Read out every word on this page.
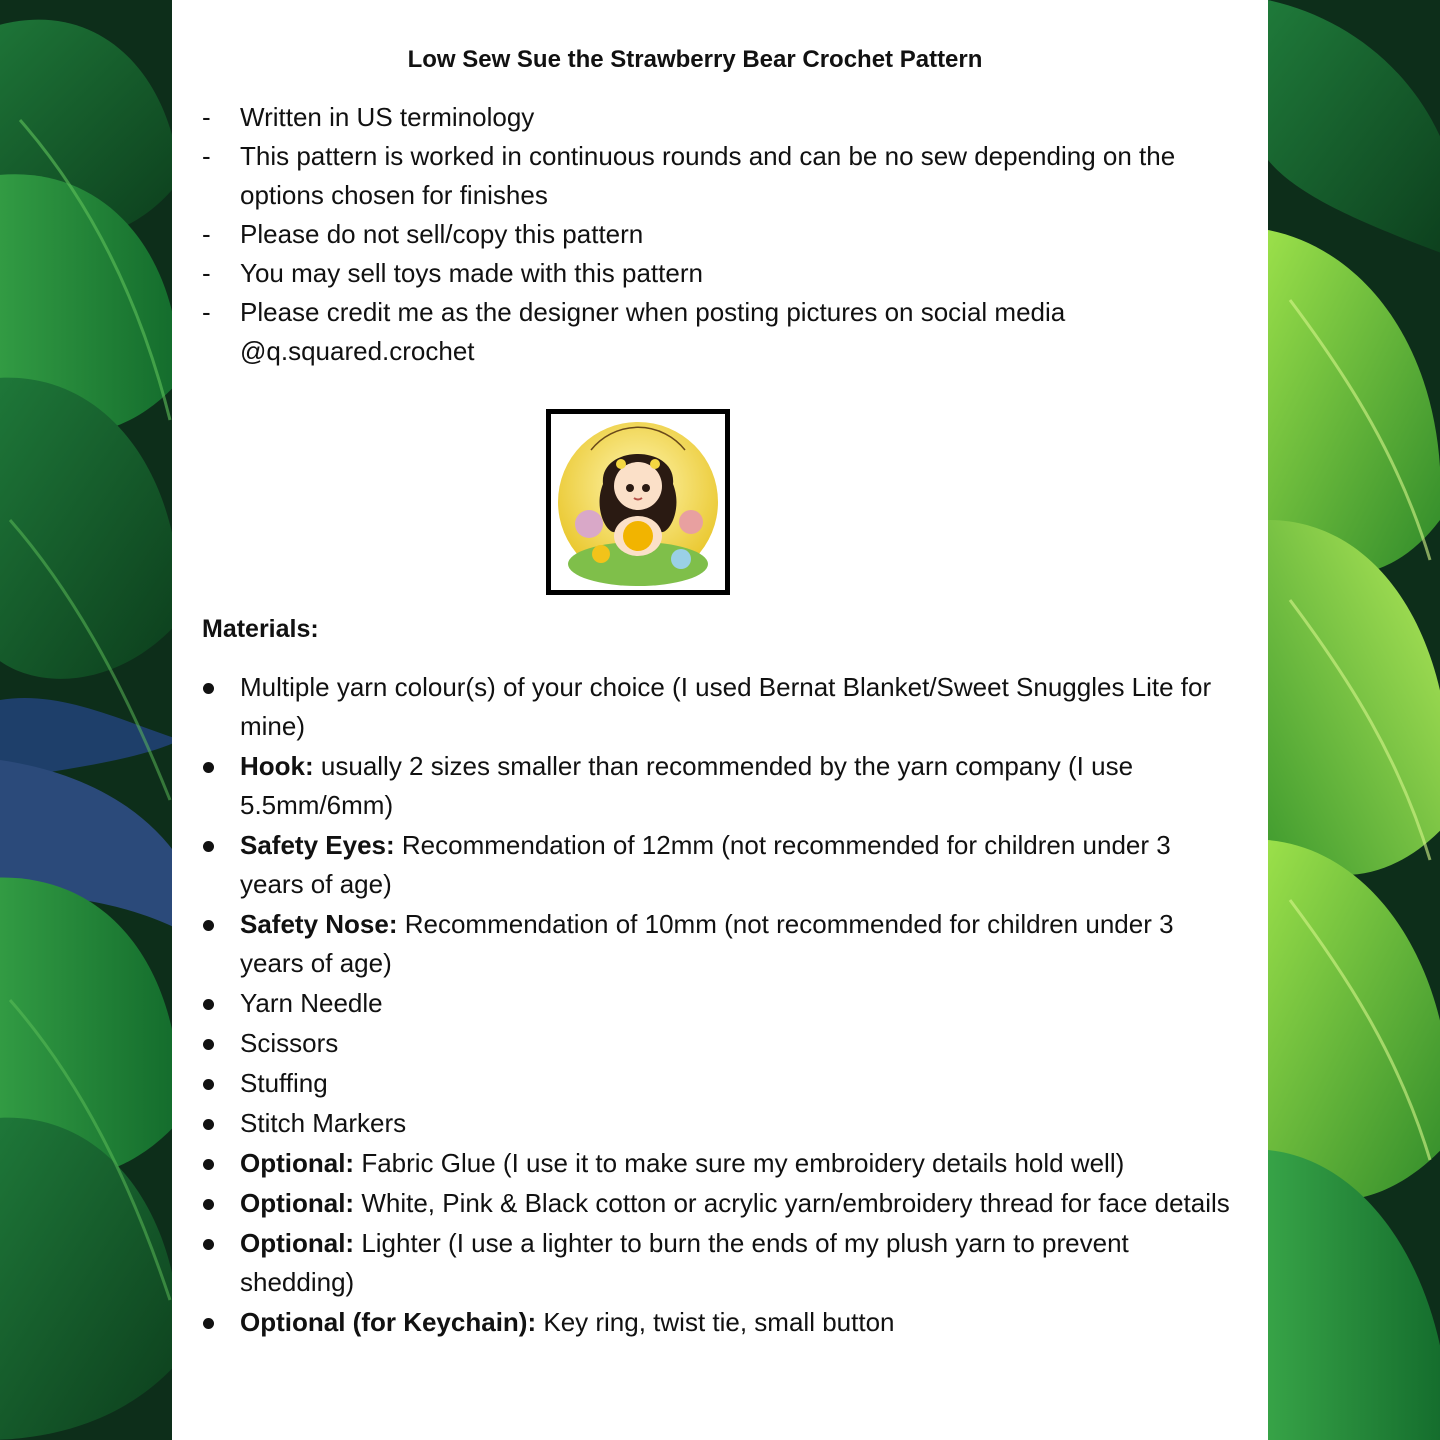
Low Sew Sue the Strawberry Bear Crochet Pattern
- Written in US terminology
- This pattern is worked in continuous rounds and can be no sew depending on the options chosen for finishes
- Please do not sell/copy this pattern
- You may sell toys made with this pattern
- Please credit me as the designer when posting pictures on social media @q.squared.crochet
Materials:
Multiple yarn colour(s) of your choice (I used Bernat Blanket/Sweet Snuggles Lite for mine)
Hook: usually 2 sizes smaller than recommended by the yarn company (I use 5.5mm/6mm)
Safety Eyes: Recommendation of 12mm (not recommended for children under 3 years of age)
Safety Nose: Recommendation of 10mm (not recommended for children under 3 years of age)
Yarn Needle
Scissors
Stuffing
Stitch Markers
Optional: Fabric Glue (I use it to make sure my embroidery details hold well)
Optional: White, Pink & Black cotton or acrylic yarn/embroidery thread for face details
Optional: Lighter (I use a lighter to burn the ends of my plush yarn to prevent shedding)
Optional (for Keychain): Key ring, twist tie, small button
